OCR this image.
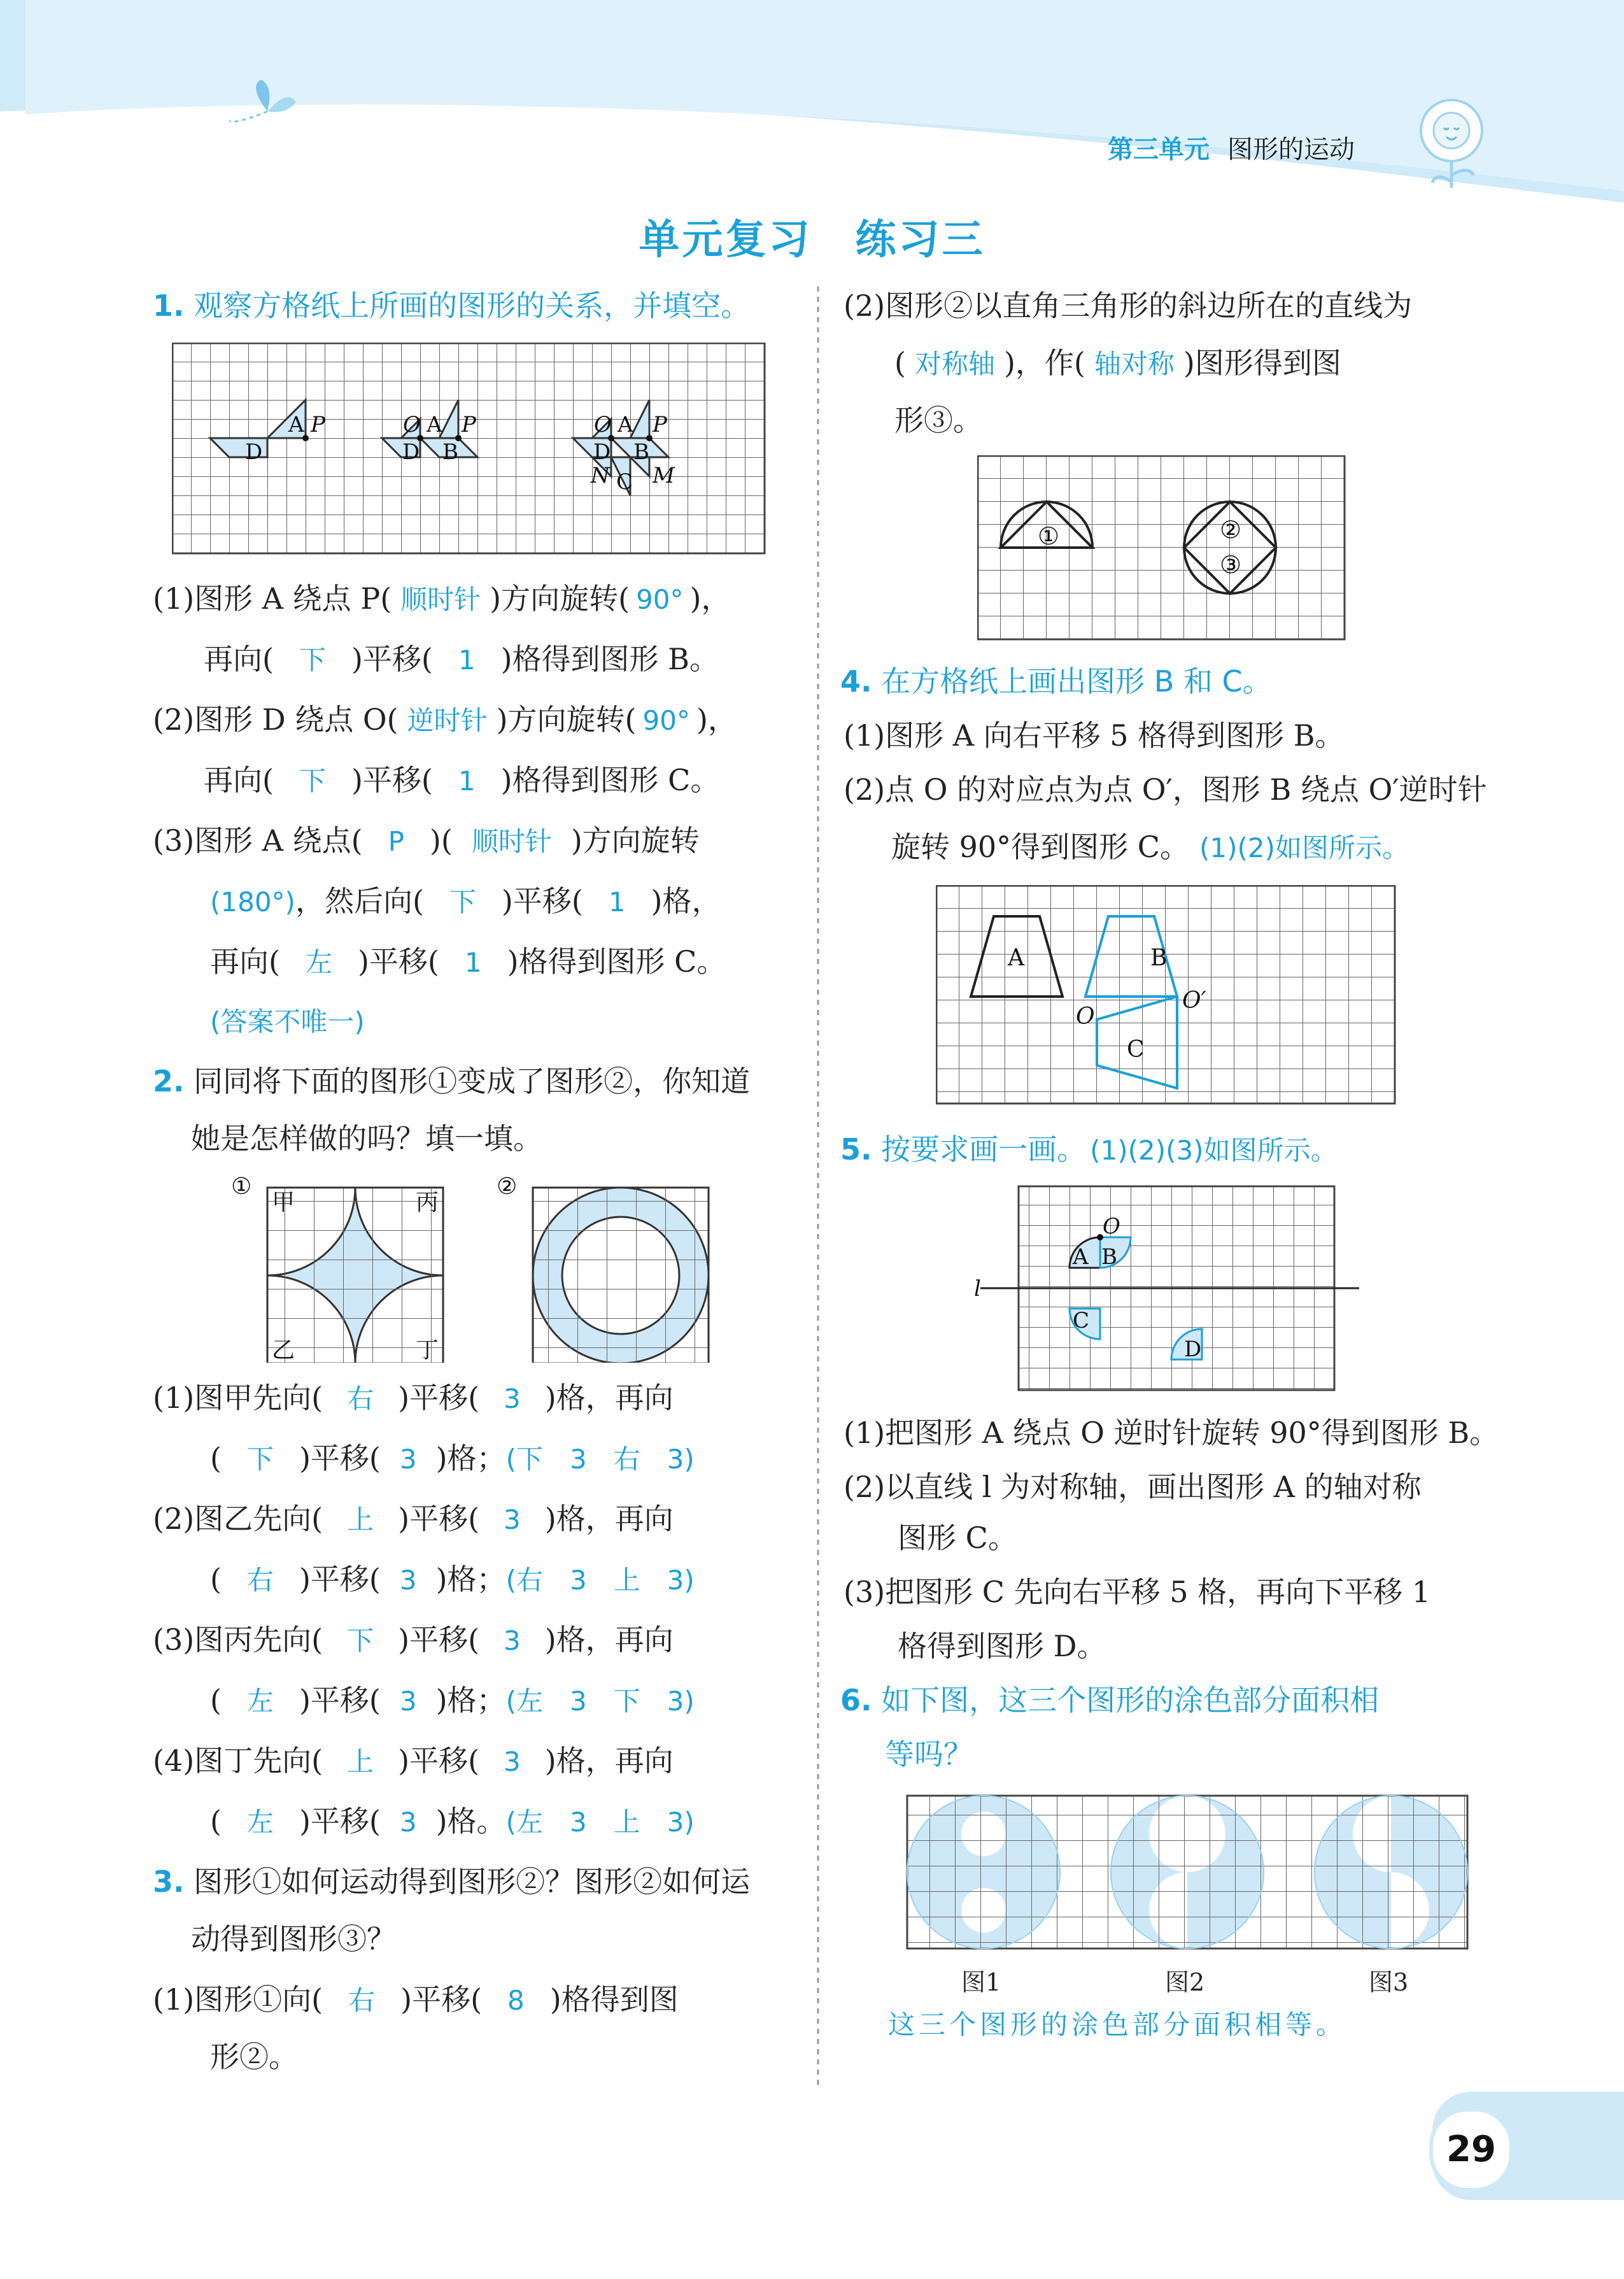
第三单元 图形的运动
单元复习　练习三
1. 观察方格纸上所画的图形的关系，并填空。
A P
D
O A P
D B
O A P
D B
C
N M
(1)图形 A 绕点 P( 顺时针 )方向旋转( 90° )，
再向( 下 )平移( 1 )格得到图形 B。
(2)图形 D 绕点 O( 逆时针 )方向旋转( 90° )，
再向( 下 )平移( 1 )格得到图形 C。
(3)图形 A 绕点( P )( 顺时针 )方向旋转
(180°)，然后向( 下 )平移( 1 )格，
再向( 左 )平移( 1 )格得到图形 C。
(答案不唯一)
2. 同同将下面的图形①变成了图形②，你知道
她是怎样做的吗？填一填。
①	②
甲	丙
乙	丁
(1)图甲先向( 右 )平移( 3 )格，再向
( 下 )平移( 3 )格；(下　3　右　3)
(2)图乙先向( 上 )平移( 3 )格，再向
( 右 )平移( 3 )格；(右　3　上　3)
(3)图丙先向( 下 )平移( 3 )格，再向
( 左 )平移( 3 )格；(左　3　下　3)
(4)图丁先向( 上 )平移( 3 )格，再向
( 左 )平移( 3 )格。(左　3　上　3)
3. 图形①如何运动得到图形②？图形②如何运
动得到图形③？
(1)图形①向( 右 )平移( 8 )格得到图
形②。
(2)图形②以直角三角形的斜边所在的直线为
( 对称轴 )，作( 轴对称 )图形得到图
形③。
①	②
③
4. 在方格纸上画出图形 B 和 C。
(1)图形 A 向右平移 5 格得到图形 B。
(2)点 O 的对应点为点 O′，图形 B 绕点 O′逆时针
旋转 90°得到图形 C。 (1)(2)如图所示。
A	B
C
O
O′
5. 按要求画一画。 (1)(2)(3)如图所示。
O
A B
C
D
l
(1)把图形 A 绕点 O 逆时针旋转 90°得到图形 B。
(2)以直线 l 为对称轴，画出图形 A 的轴对称
图形 C。
(3)把图形 C 先向右平移 5 格，再向下平移 1
格得到图形 D。
6. 如下图，这三个图形的涂色部分面积相
等吗？
图1	图2	图3
这三个图形的涂色部分面积相等。
29
